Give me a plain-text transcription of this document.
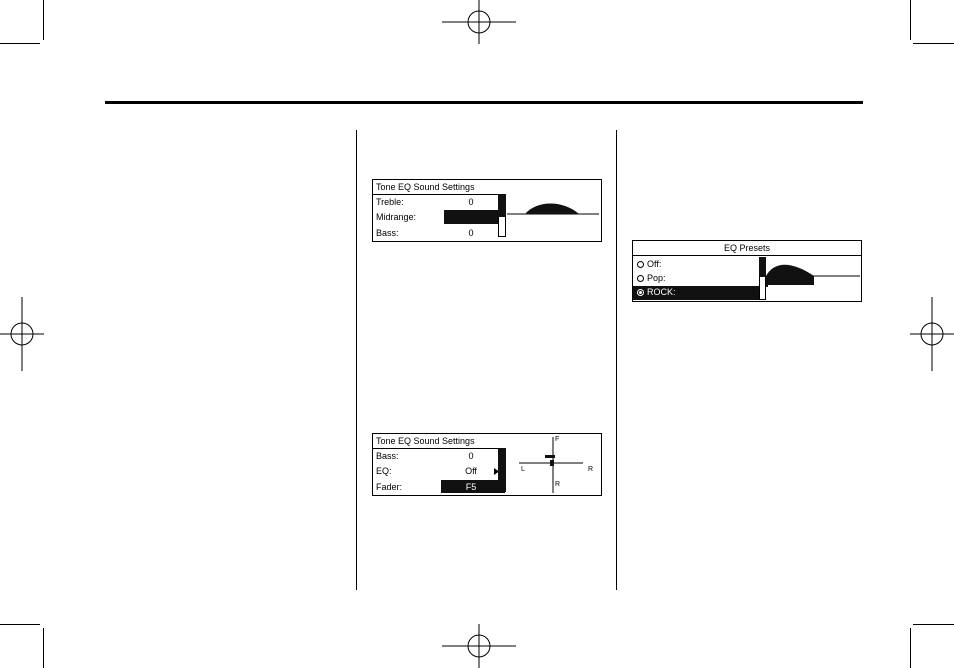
Tone EQ Sound Settings
Treble:	0
Midrange:
Bass:	0
Tone EQ Sound Settings
Bass:	0
EQ:	Off
Fader:	F5
F
L	R
R
EQ Presets
Off:
Pop:
ROCK:
